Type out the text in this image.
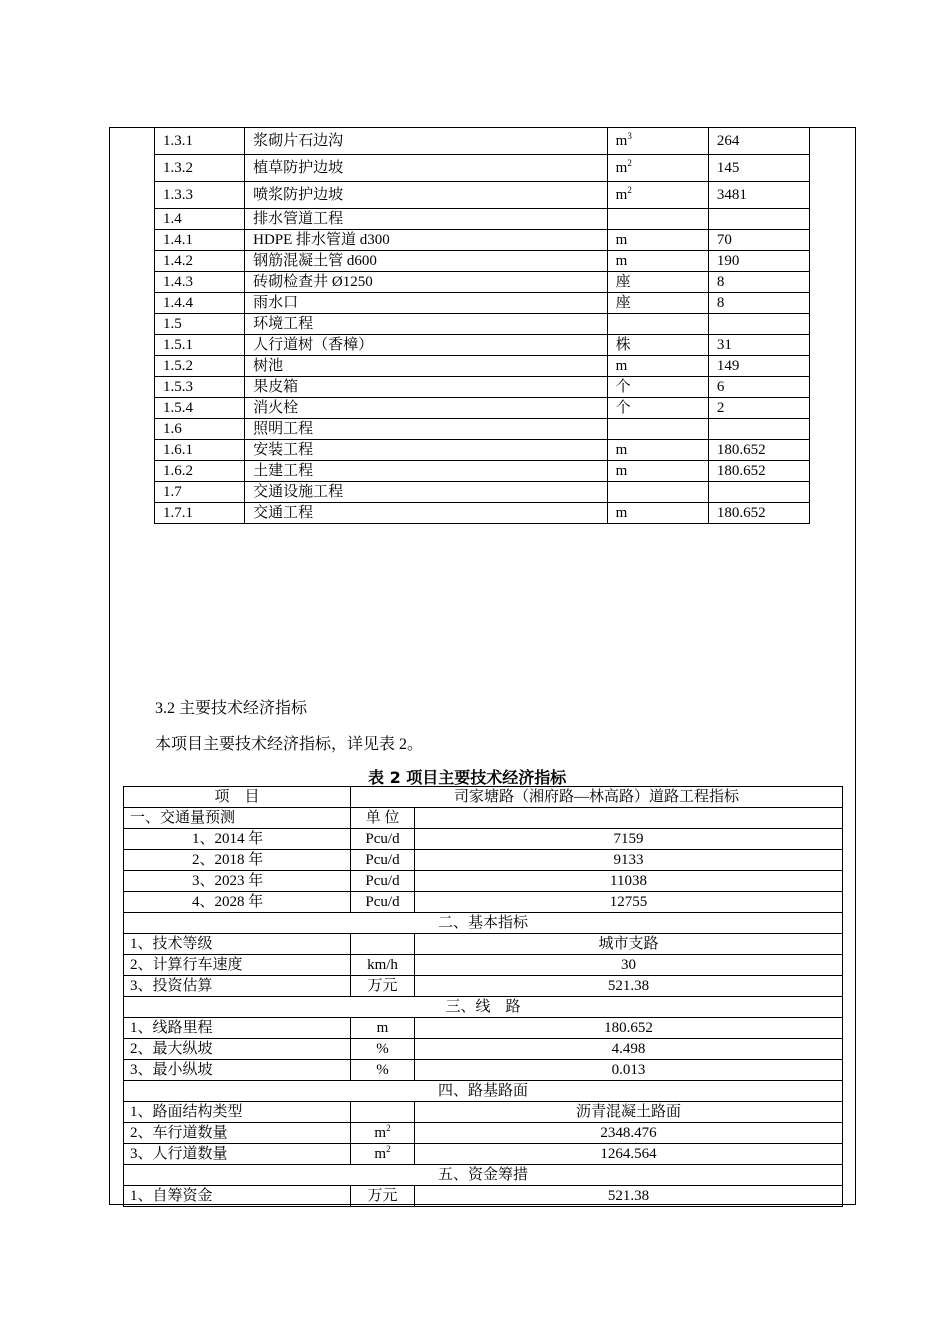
1.3.1	浆砌片石边沟	$m^3$	264
1.3.2	植草防护边坡	$m^2$	145
1.3.3	喷浆防护边坡	$m^2$	3481
1.4	排水管道工程		
1.4.1	HDPE 排水管道 d300	m	70
1.4.2	钢筋混凝土管 d600	m	190
1.4.3	砖砌检查井 Ø1250	座	8
1.4.4	雨水口	座	8
1.5	环境工程		
1.5.1	人行道树（香樟）	株	31
1.5.2	树池	m	149
1.5.3	果皮箱	个	6
1.5.4	消火栓	个	2
1.6	照明工程		
1.6.1	安装工程	m	180.652
1.6.2	土建工程	m	180.652
1.7	交通设施工程		
1.7.1	交通工程	m	180.652
3.2 主要技术经济指标
本项目主要技术经济指标，详见表 2。
表 2 项目主要技术经济指标
项　目	司家塘路（湘府路—林高路）道路工程指标	
一、交通量预测	单 位	
1、2014 年	Pcu/d	7159
2、2018 年	Pcu/d	9133
3、2023 年	Pcu/d	11038
4、2028 年	Pcu/d	12755
二、基本指标		
1、技术等级		城市支路
2、计算行车速度	km/h	30
3、投资估算	万元	521.38
三、线　路		
1、线路里程	m	180.652
2、最大纵坡	%	4.498
3、最小纵坡	%	0.013
四、路基路面		
1、路面结构类型		沥青混凝土路面
2、车行道数量	$m^2$	2348.476
3、人行道数量	$m^2$	1264.564
五、资金筹措		
1、自筹资金	万元	521.38
